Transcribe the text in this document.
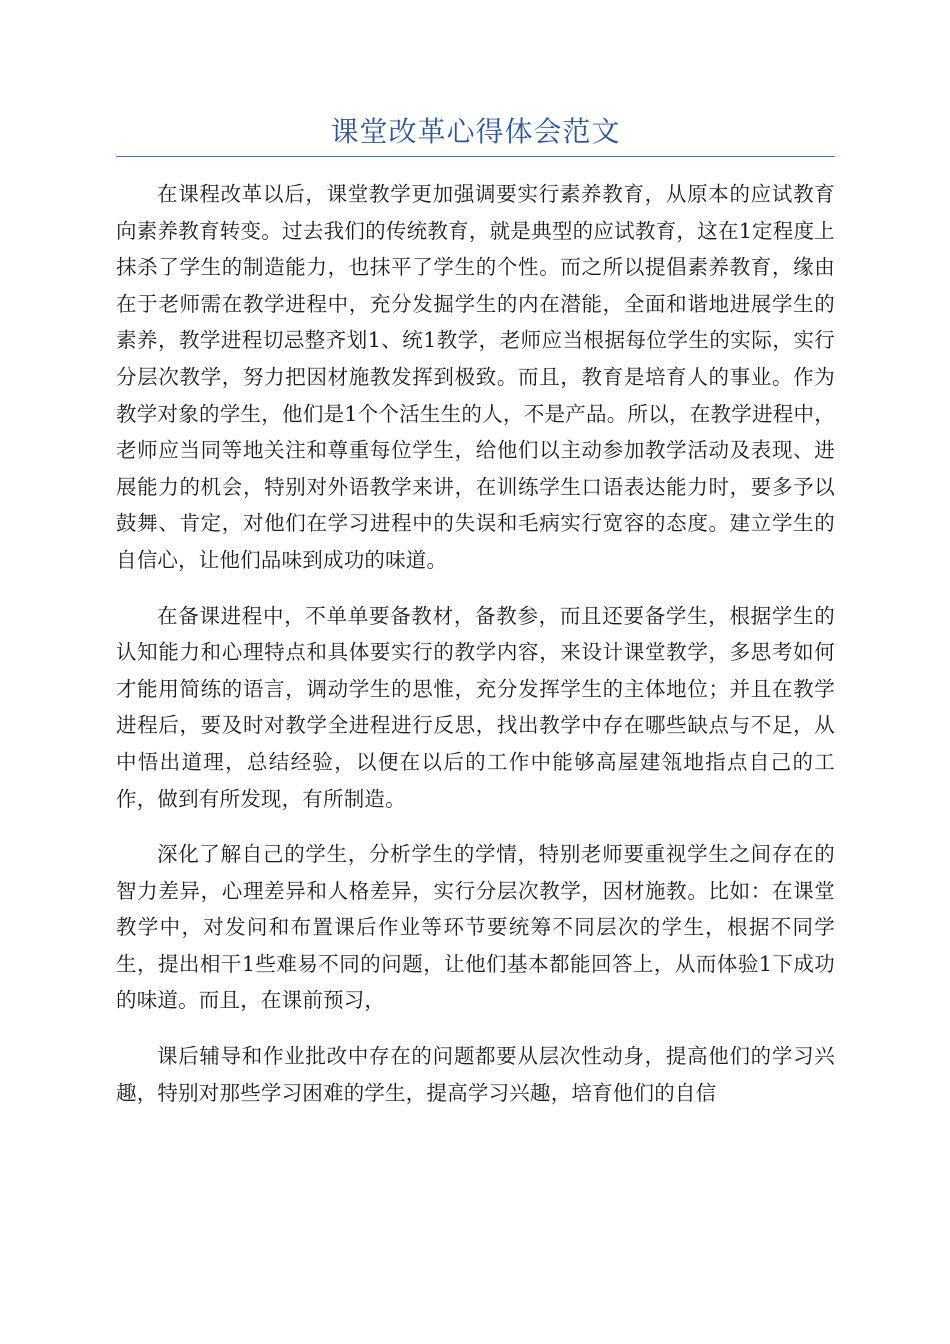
课堂改革心得体会范文

在课程改革以后，课堂教学更加强调要实行素养教育，从原本的应试教育向素养教育转变。过去我们的传统教育，就是典型的应试教育，这在1定程度上抹杀了学生的制造能力，也抹平了学生的个性。而之所以提倡素养教育，缘由在于老师需在教学进程中，充分发掘学生的内在潜能，全面和谐地进展学生的素养，教学进程切忌整齐划1、统1教学，老师应当根据每位学生的实际，实行分层次教学，努力把因材施教发挥到极致。而且，教育是培育人的事业。作为教学对象的学生，他们是1个个活生生的人，不是产品。所以，在教学进程中，老师应当同等地关注和尊重每位学生，给他们以主动参加教学活动及表现、进展能力的机会，特别对外语教学来讲，在训练学生口语表达能力时，要多予以鼓舞、肯定，对他们在学习进程中的失误和毛病实行宽容的态度。建立学生的自信心，让他们品味到成功的味道。

在备课进程中，不单单要备教材，备教参，而且还要备学生，根据学生的认知能力和心理特点和具体要实行的教学内容，来设计课堂教学，多思考如何才能用简练的语言，调动学生的思惟，充分发挥学生的主体地位；并且在教学进程后，要及时对教学全进程进行反思，找出教学中存在哪些缺点与不足，从中悟出道理，总结经验，以便在以后的工作中能够高屋建瓴地指点自己的工作，做到有所发现，有所制造。

深化了解自己的学生，分析学生的学情，特别老师要重视学生之间存在的智力差异，心理差异和人格差异，实行分层次教学，因材施教。比如：在课堂教学中，对发问和布置课后作业等环节要统筹不同层次的学生，根据不同学生，提出相干1些难易不同的问题，让他们基本都能回答上，从而体验1下成功的味道。而且，在课前预习，

课后辅导和作业批改中存在的问题都要从层次性动身，提高他们的学习兴趣，特别对那些学习困难的学生，提高学习兴趣，培育他们的自信
